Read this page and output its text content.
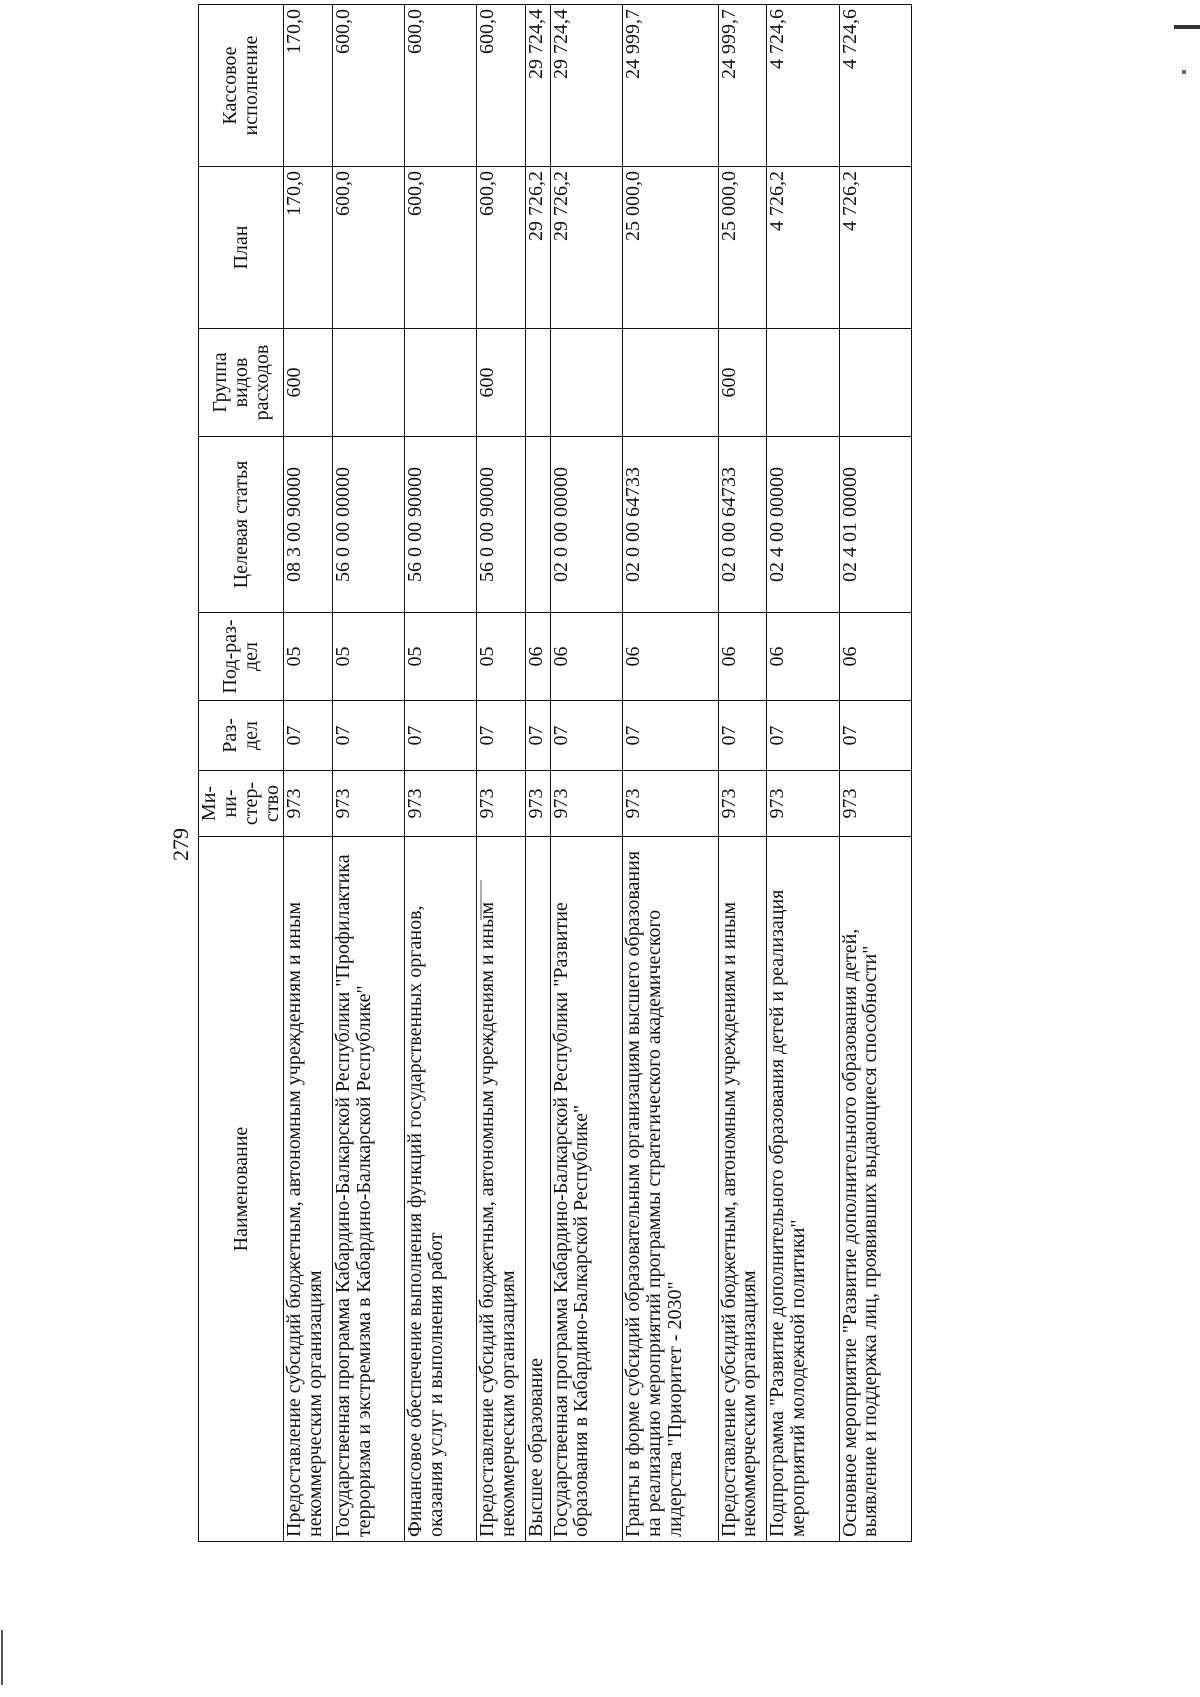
279
Наименование	Ми-ни-стер-ство	Раз-дел	Под-раз-дел	Целевая статья	Группа видов расходов	План	Кассовое исполнение
Предоставление субсидий бюджетным, автономным учреждениям и иным некоммерческим организациям	973	07	05	08 3 00 90000	600	170,0	170,0
Государственная программа Кабардино-Балкарской Республики "Профилактика терроризма и экстремизма в Кабардино-Балкарской Республике"	973	07	05	56 0 00 00000		600,0	600,0
Финансовое обеспечение выполнения функций государственных органов, оказания услуг и выполнения работ	973	07	05	56 0 00 90000		600,0	600,0
Предоставление субсидий бюджетным, автономным учреждениям и иным некоммерческим организациям	973	07	05	56 0 00 90000	600	600,0	600,0
Высшее образование	973	07	06			29 726,2	29 724,4
Государственная программа Кабардино-Балкарской Республики "Развитие образования в Кабардино-Балкарской Республике"	973	07	06	02 0 00 00000		29 726,2	29 724,4
Гранты в форме субсидий образовательным организациям высшего образования на реализацию мероприятий программы стратегического академического лидерства "Приоритет - 2030"	973	07	06	02 0 00 64733		25 000,0	24 999,7
Предоставление субсидий бюджетным, автономным учреждениям и иным некоммерческим организациям	973	07	06	02 0 00 64733	600	25 000,0	24 999,7
Подпрограмма "Развитие дополнительного образования детей и реализация мероприятий молодежной политики"	973	07	06	02 4 00 00000		4 726,2	4 724,6
Основное мероприятие "Развитие дополнительного образования детей, выявление и поддержка лиц, проявивших выдающиеся способности"	973	07	06	02 4 01 00000		4 726,2	4 724,6
